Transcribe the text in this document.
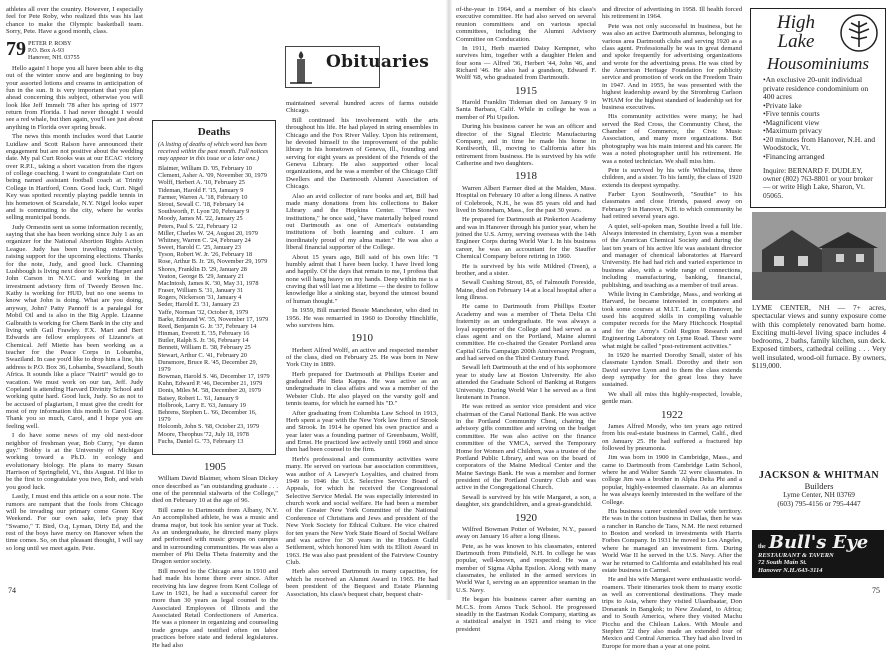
athletes all over the country. However, I especially feel for Pete Roby, who realized this was his last chance to make the Olympic basketball team. Sorry, Pete. Have a good month, class.

79 PETER P. ROBY
P.O. Box A-93
Hanover, NH. 03755

Hello again! I hope you all have been able to dig out of the winter snow and are beginning to buy your assorted lotions and creams in anticipation of fun in the sun. It is very important that you plan ahead concerning this subject, otherwise you will look like Jeff Immelt '78 after his spring of 1977 return from Florida. I had never thought I would see a red whale, but then again, you'll see just about anything in Florida over spring break.

The news this month includes word that Laurie Luidlaw and Scott Ralson have announced their engagement but are not positive about the wedding date. My pal Curt Rooks was at our ECAC victory over R.P.I., taking a short vacation from the rigors of college coaching. I want to congratulate Curt on being named assistant football coach at Trinity College in Hartford, Conn. Good luck, Curt. Nigel Key was spotted recently playing paddle tennis in his hometown of Scarsdale, N.Y. Nigel looks super and is commuting to the city, where he works selling municipal bonds.

Judy Ormestin sent us some information recently, saying that she has been working since July 1 as an organizer for the National Abortion Rights Action League. Judy has been traveling extensively, raising support for the upcoming elections. Thanks for the note, Judy, and good luck. Channing Lushbough is living next door to Kathy Harper and John Carson in N.Y.C. and working in the investment advisory firm of Tweedy Brown Inc. Kathy is working for HUD, but no one seems to know what John is doing. What are you doing, anyway, John? Patty Pannoff is a paralegal for Mobil Oil and is also in the Big Apple. Lizanne Galbraith is working for Chem Bank in the city and living with Gail Frawley. F.X. Mart and Bert Edwards are fellow employees of Lizanne's at Chemical. Jeff Miette has been working as a teacher for the Peace Corps in Lobamba, Swaziland. In case you'd like to drop him a line, his address is P.O. Box 36, Lobamba, Swaziland, South Africa. It sounds like a place "Nairti" would go to vacation. We must work on our tan, Jeff. Judy Copeland is attending Harvard Divinity School and working quite hard. Good luck, Judy. So as not to be accused of plagiarism, I must give the credit for most of my information this month to Carol Gieg. Thank you so much, Carol, and I hope you are feeling well.

I do have some news of my old next-door neighbor of freshman year, Bob Curry, "ye damn guy." Bobby is at the University of Michigan working toward a Ph.D. in ecology and evolutionary biology. He plans to marry Susan Harrison of Springfield, Vt., this August. I'd like to be the first to congratulate you two, Bob, and wish you good luck.

Lastly, I must end this article on a sour note. The rumors are rampant that the fools from Chicago will be invading our primary come Green Key Weekend. For our own sake, let's pray that "Swamo," T. Bird, O.q, Lyman, Dirty Ed, and the rest of the boys have mercy on Hanover when the time comes. So, on that pleasant thought, I will say so long until we meet again. Pete.

Obituaries
Deaths
(A listing of deaths of which word has been received within the past month. Full notices may appear in this issue or a later one.)
Blaimer, William D. '05, February 10
Clement, Asher A. '09, November 30, 1979
Wolff, Herbert A. '10, February 25
Tideman, Harold F. '15, January 9
Farmer, Warren A. '18, February 10
Strout, Sewall C. '18, February 14
Southworth, F. Lyon '20, February 9
Moody, James M. '22, January 25
Peters, Paul S. '22, February 12
Miller, Charles W. '24, August 20, 1979
Whitney, Warren C. '24, February 24
Sweet, Harold C. '25, January 23
Tyson, Robert W. Jr. '26, February 18
Rose, Arthur B. Jr. '26, November 29, 1979
Shores, Franklin D. '29, January 28
Yeaton, George B. '29, January 21
MacIntosh, James K. '30, May 31, 1978
Fraser, William S. '31, January 31
Rogers, Nickerson '31, January 4
Seder, Harold E. '31, January 23
Yaffe, Norman '32, October 8, 1979
Barke, Edmund W. '35, November 17, 1979
Reed, Benjamin G. Jr. '37, February 14
Hinman, Everett E. '35, February 16
Butler, Ralph S. Jr. '36, February 14
Bennett, William E. '38, February 25
Stewart, Arthur C. '41, February 20
Dunsmore, Bruce R. '45, December 29, 1979
Bowman, Harold S. '46, December 17, 1979
Kuhn, Edward P. '46, December 21, 1979
Donis, Miles M. '58, December 20, 1979
Baisey, Robert L. '61, January 9
Holbrook, Larry E. '63, January 19
Behrens, Stephen L. '66, December 16, 1979
Holcomb, John S. '68, October 23, 1979
Moore, Theophus '72, July 18, 1978
Fuchs, Daniel G. '73, February 13
1905

William David Blaimer, whom Sloan Dickey once described as "an outstanding graduate . . . one of the perennial stalwarts of the College," died on February 10 at the age of 96.

Bill came to Dartmouth from Albany, N.Y. An accomplished athlete, he was a music and drama major, but took his senior year at Tuck. As an undergraduate, he directed many plays and performed with music groups on campus and in surrounding communities. He was also a member of Phi Delta Theta fraternity and the Dragon senior society.

Bill moved to the Chicago area in 1910 and had made his home there ever since. After receiving his law degree from Kent College of Law in 1921, he had a successful career for more than 30 years as legal counsel to the Associated Employees of Illinois and the Associated Retail Confectioners of America. He was a pioneer in organizing and counseling trade groups and testified often on labor practices before state and federal legislatures. He had also

maintained several hundred acres of farms outside Chicago.

Bill continued his involvement with the arts throughout his life. He had played in string ensembles in Chicago and the Fox River Valley. Upon his retirement, he devoted himself to the improvement of the public library in his hometown of Geneva, Ill., founding and serving for eight years as president of the Friends of the Geneva Library. He also supported other local organizations, and he was a member of the Chicago Cliff Dwellers and the Dartmouth Alumni Association of Chicago.

Also an avid collector of rare books and art, Bill had made many donations from his collections to Baker Library and the Hopkins Center. "These two institutions," he once said, "have materially helped round out Dartmouth as one of America's outstanding institutions of both learning and culture. I am inordinately proud of my alma mater." He was also a liberal financial supporter of the College.

About 15 years ago, Bill said of his own life: "I humbly admit that I have been lucky. I have lived long and happily. Of the days that remain to me, I profess that none will hang heavy on my hands. Deep within me is a craving that will last me a lifetime — the desire to follow knowledge like a sinking star, beyond the utmost bound of human thought."

In 1959, Bill married Bessie Manchester, who died in 1956. He was remarried in 1960 to Dorothy Hinchliffe, who survives him.

1910

Herbert Alfred Wolff, an active and respected member of the class, died on February 25. He was born in New York City in 1889.

Herb prepared for Dartmouth at Phillips Exeter and graduated Phi Beta Kappa. He was active as an undergraduate in class affairs and was a member of the Webster Club. He also played on the varsity golf and tennis teams, for which he earned his "D."

After graduating from Columbia Law School in 1913, Herb spent a year with the New York law firm of Strook and Strook. In 1914 he opened his own practice and a year later was a founding partner of Greenbaum, Wolff, and Ernst. He practiced law actively until 1960 and since then had been counsel to the firm.

Herb's professional and community activities were many. He served on various bar association committees, was author of A Lawyer's Loyalties, and chaired from 1949 to 1946 the U.S. Selective Service Board of Appeals, for which he received the Congressional Selective Service Medal. He was especially interested in church work and social welfare. He had been a member of the Greater New York Committee of the National Conference of Christians and Jews and president of the New York Society for Ethical Culture. He vice chaired for ten years the New York State Board of Social Welfare and was active for 30 years in the Hudson Guild Settlement, which honored him with its Elliott Award in 1963. He was also past president of the Fairview Country Club.

Herb also served Dartmouth in many capacities, for which he received an Alumni Award in 1965. He had been president of the Bequest and Estate Planning Association, his class's bequest chair, bequest chair-

74

of-the-year in 1964, and a member of his class's executive committee. He had also served on several reunion committees and on various special committees, including the Alumni Advisory Committee on Conducation.

In 1911, Herb married Daisy Kempner, who survives him, together with a daughter Helen and four sons — Alfred '36, Herbert '44, John '46, and Richard '46. He also had a grandson, Edward F. Wolff '68, who graduated from Dartmouth.

1915

Harold Franklin Tideman died on January 9 in Santa Barbara, Calif. While in college he was a member of Phi Upsilon.

During his business career he was an officer and director of the Signal Electric Manufacturing Company, and in time he made his home in Kenilworth, Ill., moving to California after his retirement from business. He is survived by his wife Catherine and two daughters.

1918

Warren Albert Farmer died at the Malden, Mass. Hospital on February 10 after a long illness. A native of Colebrook, N.H., he was 85 years old and had lived in Stoneham, Mass., for the past 30 years.

He prepared for Dartmouth at Pinkerton Academy and was in Hanover through his junior year, when he joined the U.S. Army, serving overseas with the 14th Engineer Corps during World War I. In his business career, he was an accountant for the Stauffer Chemical Company before retiring in 1960.

He is survived by his wife Mildred (Treen), a brother, and a sister.

Sewall Cushing Strout, 85, of Falmouth Foreside, Maine, died on February 14 at a local hospital after a long illness.

He came to Dartmouth from Phillips Exeter Academy and was a member of Theta Delta Chi fraternity as an undergraduate. He was always a loyal supporter of the College and had served as a class agent and on the Portland, Maine alumni committee. He co-chaired the Greater Portland area Capital Gifts Campaign 200th Anniversary Program, and had served on the Third Century Fund.

Sewall left Dartmouth at the end of his sophomore year to study law at Boston University. He also attended the Graduate School of Banking at Rutgers University. During World War I he served as a first lieutenant in France.

He was retired as senior vice president and vice chairman of the Canal National Bank. He was active in the Portland Community Chest, chairing the advisory gifts committee and serving on the budget committee. He was also active on the finance committee of the YMCA, served the Temporary Home for Women and Children, was a trustee of the Portland Public Library, and was on the board of corporators of the Maine Medical Center and the Maine Savings Bank. He was a member and former president of the Portland Country Club and was active in the Congregational Church.

Sewall is survived by his wife Margaret, a son, a daughter, six grandchildren, and a great-grandchild.

1920

Wilfred Bowman Potter of Webster, N.Y., passed away on January 16 after a long illness.

Pete, as he was known to his classmates, entered Dartmouth from Pittsfield, N.H. In college he was popular, well-known, and respected. He was a member of Sigma Alpha Epsilon. Along with many classmates, he enlisted in the armed services in World War I, serving as an apprentice seaman in the U.S. Navy.

He began his business career after earning an M.C.S. from Amos Tuck School. He progressed steadily in the Eastman Kodak Company, starting as a statistical analyst in 1921 and rising to vice president

and director of advertising in 1958. Ill health forced his retirement in 1964.

Pete was not only successful in business, but he was also an active Dartmouth alumnus, belonging to various area Dartmouth clubs and serving 1920 as a class agent. Professionally he was in great demand and spoke frequently for advertising organizations and wrote for the advertising press. He was cited by the American Heritage Foundation for publicity service and promotion of work on the Freedom Train in 1947. And in 1955, he was presented with the highest leadership award by the Strombrug Carlson WHAM for the highest standard of leadership set for business executives.

His community activities were many; he had served the Red Cross, the Community Chest, the Chamber of Commerce, the Civic Music Association, and many more organizations. But photography was his main interest and his career. He was a noted photographer until his retirement. He was a noted technician. We shall miss him.

Pete is survived by his wife Wilhelmina, three children, and a sister. To his family, the class of 1920 extends its deepest sympathy.

Farber Lyon Southworth, "Southie" to his classmates and close friends, passed away on February 9 in Hanover, N.H. to which community he had retired several years ago.

A quiet, self-spoken man, Southie lived a full life. Always interested in chemistry, Lyon was a member of the American Chemical Society and during the last ten years of his active life was assistant director and manager of chemical laboratories at Harvard University. He had had rich and varied experience in business also, with a wide range of connections, including manufacturing, banking, financial, publishing, and teaching as a member of trail areas.

While living in Cambridge, Mass., and working at Harvard, he became interested in computers and took some courses at M.I.T. Later, in Hanover, he used his acquired skills in compiling valuable computer records for the Mary Hitchcock Hospital and for the Army's Cold Region Research and Engineering Laboratory on Lyme Road. These were what might be called "post-retirement activities."

In 1920 he married Dorothy Small, sister of his classmate Lyndon Small. Dorothy and their son David survive Lyon and to them the class extends deep sympathy for the great loss they have sustained.

We shall all miss this highly-respected, lovable, gentle man.

1922

James Alfred Moody, who ten years ago retired from his real-estate business in Carmel, Calif., died on January 25. He had suffered a fractured hip followed by pneumonia.

Jim was born in 1900 in Cambridge, Mass., and came to Dartmouth from Cambridge Latin School, where he and Walter Sands '22 were classmates. In college Jim was a brother in Alpha Delta Phi and a popular, highly-esteemed classmate. As an alumnus he was always keenly interested in the welfare of the College.

His business career extended over wide territory. He was in the cotton business in Dallas, then he was a rancher in Rancho de Taos, N.M. He next returned to Boston and worked in investments with Harris Forbes Company. In 1931 he moved to Los Angeles, where he managed an investment firm. During World War II he served in the U.S. Navy. After the war he returned to California and established his real estate business in Carmel.

He and his wife Margaret were enthusiastic world-roamers. Their itineraries took them to many exotic as well as conventional destinations. They made trips to Asia, where they visited Ulaanbaatar, Don Donarank in Bangkok; to New Zealand, to Africa; and to South America, where they visited Machu Picchu and the Chilean Lakes. With Moule and Stephen '22 they also made an extended tour of Mexico and Central America. They had also lived in Europe for more than a year at one point.

High
Lake
Housominiums
• An exclusive 20-unit individual private residence condominium on 400 acres
• Private lake
• Five tennis courts
• Magnificent view
• Maximum privacy
• 20 minutes from Hanover, N.H. and Woodstock, Vt.
• Financing arranged
Inquire: BERNARD F. DUDLEY, owner (802) 763-8801 or your broker — or write High Lake, Sharon, Vt. 05065.
LYME CENTER, NH — 7+ acres, spectacular views and sunny exposure come with this completely renovated barn home. Exciting multi-level living space includes 4 bedrooms, 2 baths, family kitchen, sun deck. Exposed timbers, cathedral ceiling . . . Very well insulated, wood-oil furnace. By owners, $119,000.
JACKSON & WHITMAN
Builders
Lyme Center, NH 03769
(603) 795-4156 or 795-4447
the Bull's Eye
RESTAURANT & TAVERN
72 South Main St.
Hanover N.H./643-3114
75
